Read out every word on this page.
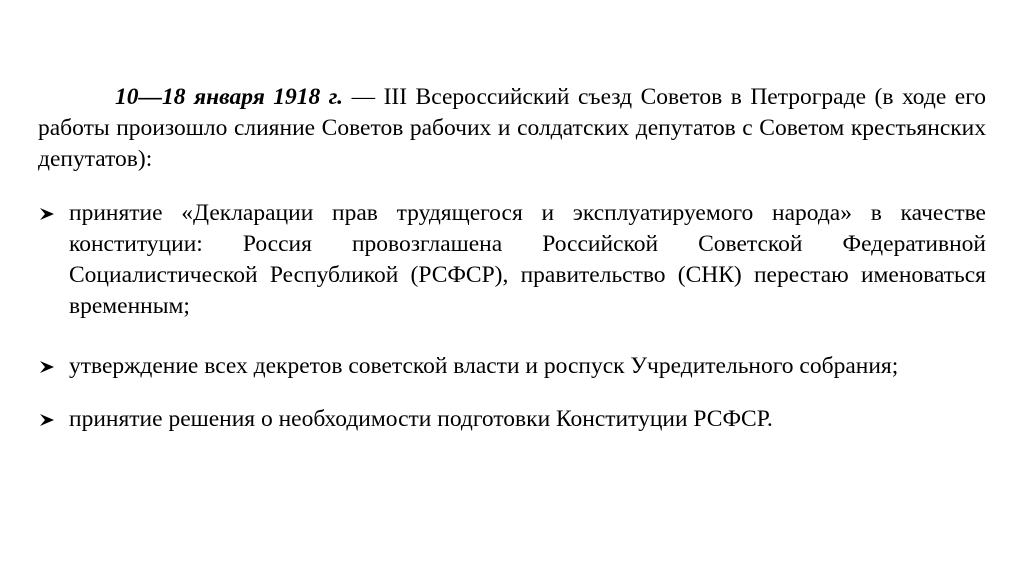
10—18 января 1918 г. — III Всероссийский съезд Советов в Петрограде (в ходе его работы произошло слияние Советов рабочих и солдатских депутатов с Советом крестьянских депутатов):

принятие «Декларации прав трудящегося и эксплуатируемого народа» в качестве конституции: Россия провозглашена Российской Советской Федеративной Социалистической Республикой (РСФСР), правительство (СНК) перестаю именоваться временным;
утверждение всех декретов советской власти и роспуск Учредительного собрания;
принятие решения о необходимости подготовки Конституции РСФСР.
